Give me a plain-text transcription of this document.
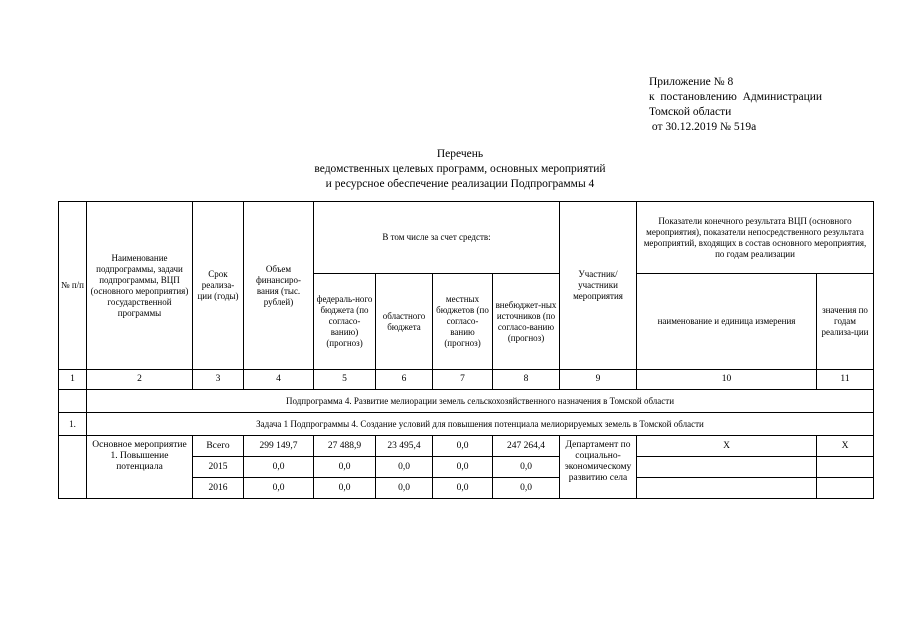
Приложение № 8
к  постановлению  Администрации
Томской области
от 30.12.2019 № 519а
Перечень
ведомственных целевых программ, основных мероприятий
и ресурсное обеспечение реализации Подпрограммы 4
№ п/п	Наименование подпрограммы, задачи подпрограммы, ВЦП (основного мероприятия) государственной программы	Срок реализа-ции (годы)	Объем финансиро-вания (тыс. рублей)	В том числе за счет средств:				Участник/ участники мероприятия	Показатели конечного результата ВЦП (основного мероприятия), показатели непосредственного результата мероприятий, входящих в состав основного мероприятия, по годам реализации	
				федераль-ного бюджета (по согласо-ванию) (прогноз)	областного бюджета	местных бюджетов (по согласо-ванию (прогноз)	внебюджет-ных источников (по согласо-ванию (прогноз)		наименование и единица измерения	значения по годам реализа-ции
1	2	3	4	5	6	7	8	9	10	11
	Подпрограмма 4. Развитие мелиорации земель сельскохозяйственного назначения в Томской области									
1.	Задача 1 Подпрограммы 4. Создание условий для повышения потенциала мелиорируемых земель в Томской области									
	Основное мероприятие 1. Повышение потенциала	Всего	299 149,7	27 488,9	23 495,4	0,0	247 264,4	Департамент по социально-экономическому развитию села	Х	Х
		2015	0,0	0,0	0,0	0,0	0,0			
		2016	0,0	0,0	0,0	0,0	0,0			
